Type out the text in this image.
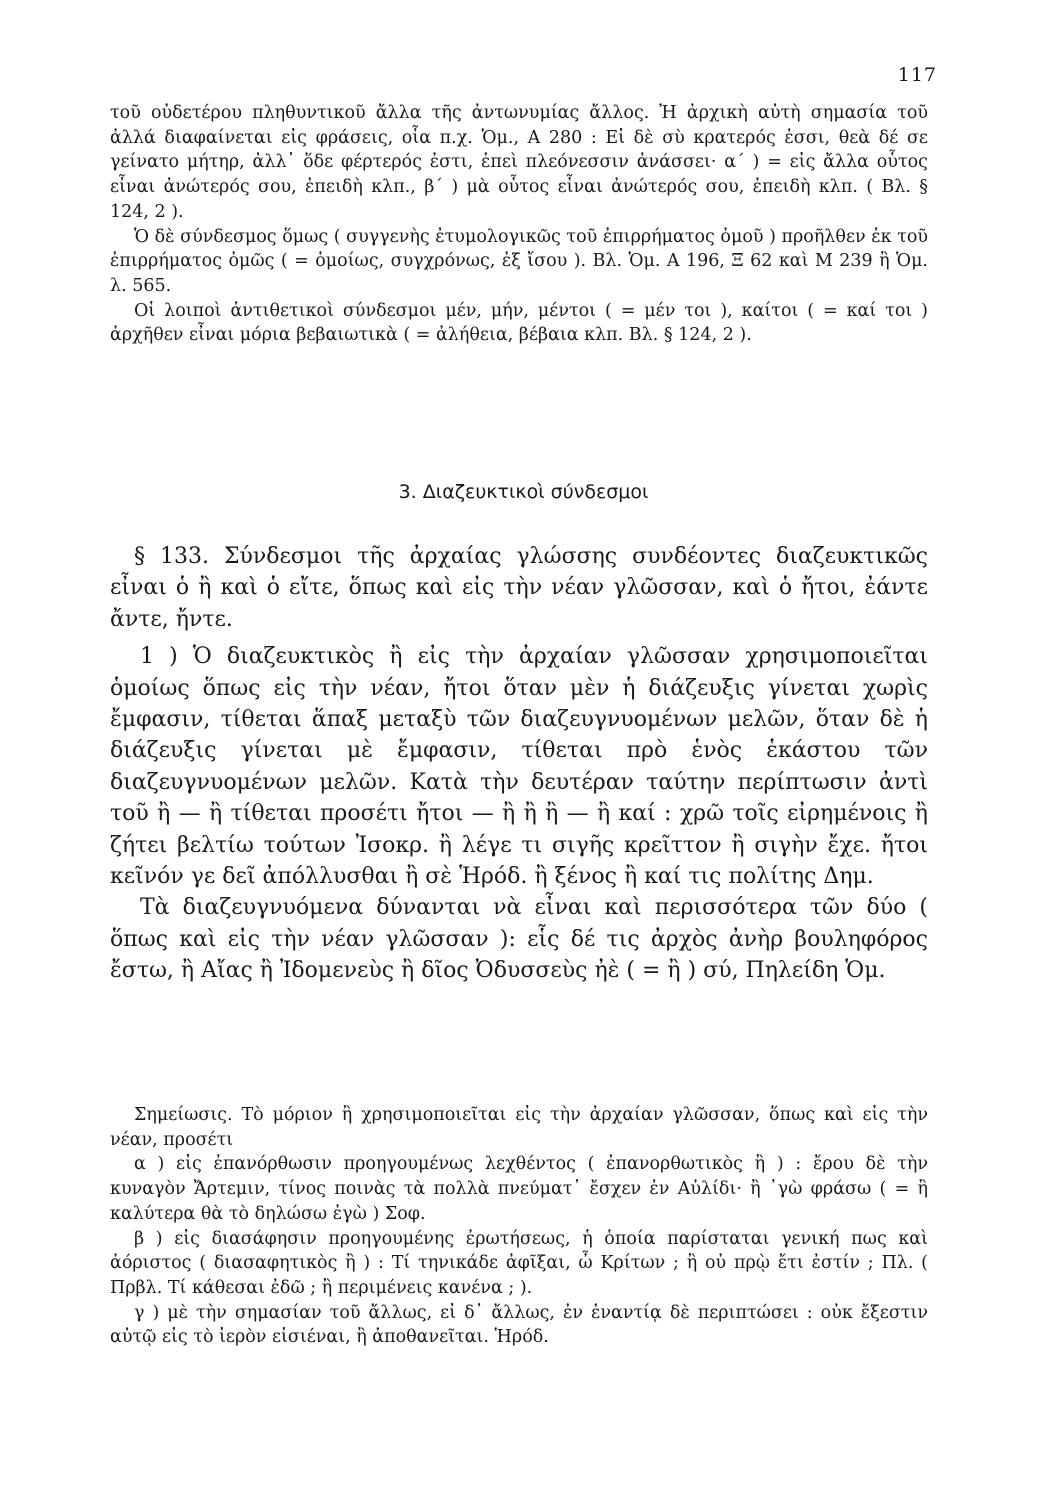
117

τοῦ οὐδετέρου πληθυντικοῦ ἄλλα τῆς ἀντωνυμίας ἄλλος. Ἡ ἀρχικὴ αὐτὴ σημασία τοῦ ἀλλά διαφαίνεται εἰς φράσεις, οἷα π.χ. Ὁμ., Α 280 : Εἰ δὲ σὺ κρατερός ἐσσι, θεὰ δέ σε γείνατο μήτηρ, ἀλλ᾿ ὅδε φέρτερός ἐστι, ἐπεὶ πλεόνεσσιν ἀνάσσει· α΄ ) = εἰς ἄλλα οὗτος εἶναι ἀνώτερός σου, ἐπειδὴ κλπ., β΄ ) μὰ οὗτος εἶναι ἀνώτερός σου, ἐπειδὴ κλπ. ( Βλ. § 124, 2 ).

Ὁ δὲ σύνδεσμος ὅμως ( συγγενὴς ἐτυμολογικῶς τοῦ ἐπιρρήματος ὁμοῦ ) προῆλθεν ἐκ τοῦ ἐπιρρήματος ὁμῶς ( = ὁμοίως, συγχρόνως, ἐξ ἴσου ). Βλ. Ὁμ. Α 196, Ξ 62 καὶ Μ 239 ἢ Ὁμ. λ. 565.

Οἱ λοιποὶ ἀντιθετικοὶ σύνδεσμοι μέν, μήν, μέντοι ( = μέν τοι ), καίτοι ( = καί τοι ) ἀρχῆθεν εἶναι μόρια βεβαιωτικὰ ( = ἀλήθεια, βέβαια κλπ. Βλ. § 124, 2 ).

3. Διαζευκτικοὶ σύνδεσμοι

§ 133. Σύνδεσμοι τῆς ἀρχαίας γλώσσης συνδέοντες διαζευκτικῶς εἶναι ὁ ἢ καὶ ὁ εἴτε, ὅπως καὶ εἰς τὴν νέαν γλῶσσαν, καὶ ὁ ἤτοι, ἐάντε ἄντε, ἤντε.

1 ) Ὁ διαζευκτικὸς ἢ εἰς τὴν ἀρχαίαν γλῶσσαν χρησιμοποιεῖται ὁμοίως ὅπως εἰς τὴν νέαν, ἤτοι ὅταν μὲν ἡ διάζευξις γίνεται χωρὶς ἔμφασιν, τίθεται ἅπαξ μεταξὺ τῶν διαζευγνυομένων μελῶν, ὅταν δὲ ἡ διάζευξις γίνεται μὲ ἔμφασιν, τίθεται πρὸ ἑνὸς ἑκάστου τῶν διαζευγνυομένων μελῶν. Κατὰ τὴν δευτέραν ταύτην περίπτωσιν ἀντὶ τοῦ ἢ — ἢ τίθεται προσέτι ἤτοι — ἢ ἢ ἢ — ἢ καί : χρῶ τοῖς εἰρημένοις ἢ ζήτει βελτίω τούτων Ἰσοκρ. ἢ λέγε τι σιγῆς κρεῖττον ἢ σιγὴν ἔχε. ἤτοι κεῖνόν γε δεῖ ἀπόλλυσθαι ἢ σὲ Ἡρόδ. ἢ ξένος ἢ καί τις πολίτης Δημ.

Τὰ διαζευγνυόμενα δύνανται νὰ εἶναι καὶ περισσότερα τῶν δύο ( ὅπως καὶ εἰς τὴν νέαν γλῶσσαν ): εἷς δέ τις ἀρχὸς ἀνὴρ βουληφόρος ἔστω, ἢ Αἴας ἢ Ἰδομενεὺς ἢ δῖος Ὀδυσσεὺς ἠὲ ( = ἢ ) σύ, Πηλείδη Ὁμ.

Σημείωσις. Τὸ μόριον ἢ χρησιμοποιεῖται εἰς τὴν ἀρχαίαν γλῶσσαν, ὅπως καὶ εἰς τὴν νέαν, προσέτι

α ) εἰς ἐπανόρθωσιν προηγουμένως λεχθέντος ( ἐπανορθωτικὸς ἢ ) : ἔρου δὲ τὴν κυναγὸν Ἄρτεμιν, τίνος ποινὰς τὰ πολλὰ πνεύματ᾿ ἔσχεν ἐν Αὐλίδι· ἢ ᾿γὼ φράσω ( = ἢ καλύτερα θὰ τὸ δηλώσω ἐγὼ ) Σοφ.

β ) εἰς διασάφησιν προηγουμένης ἐρωτήσεως, ἡ ὁποία παρίσταται γενική πως καὶ ἀόριστος ( διασαφητικὸς ἢ ) : Τί τηνικάδε ἀφῖξαι, ὦ Κρίτων ; ἢ οὐ πρῲ ἔτι ἐστίν ; Πλ. ( Πρβλ. Τί κάθεσαι ἐδῶ ; ἢ περιμένεις κανένα ; ).

γ ) μὲ τὴν σημασίαν τοῦ ἄλλως, εἰ δ᾿ ἄλλως, ἐν ἐναντίᾳ δὲ περιπτώσει : οὐκ ἔξεστιν αὐτῷ εἰς τὸ ἱερὸν εἰσιέναι, ἢ ἀποθανεῖται. Ἡρόδ.
